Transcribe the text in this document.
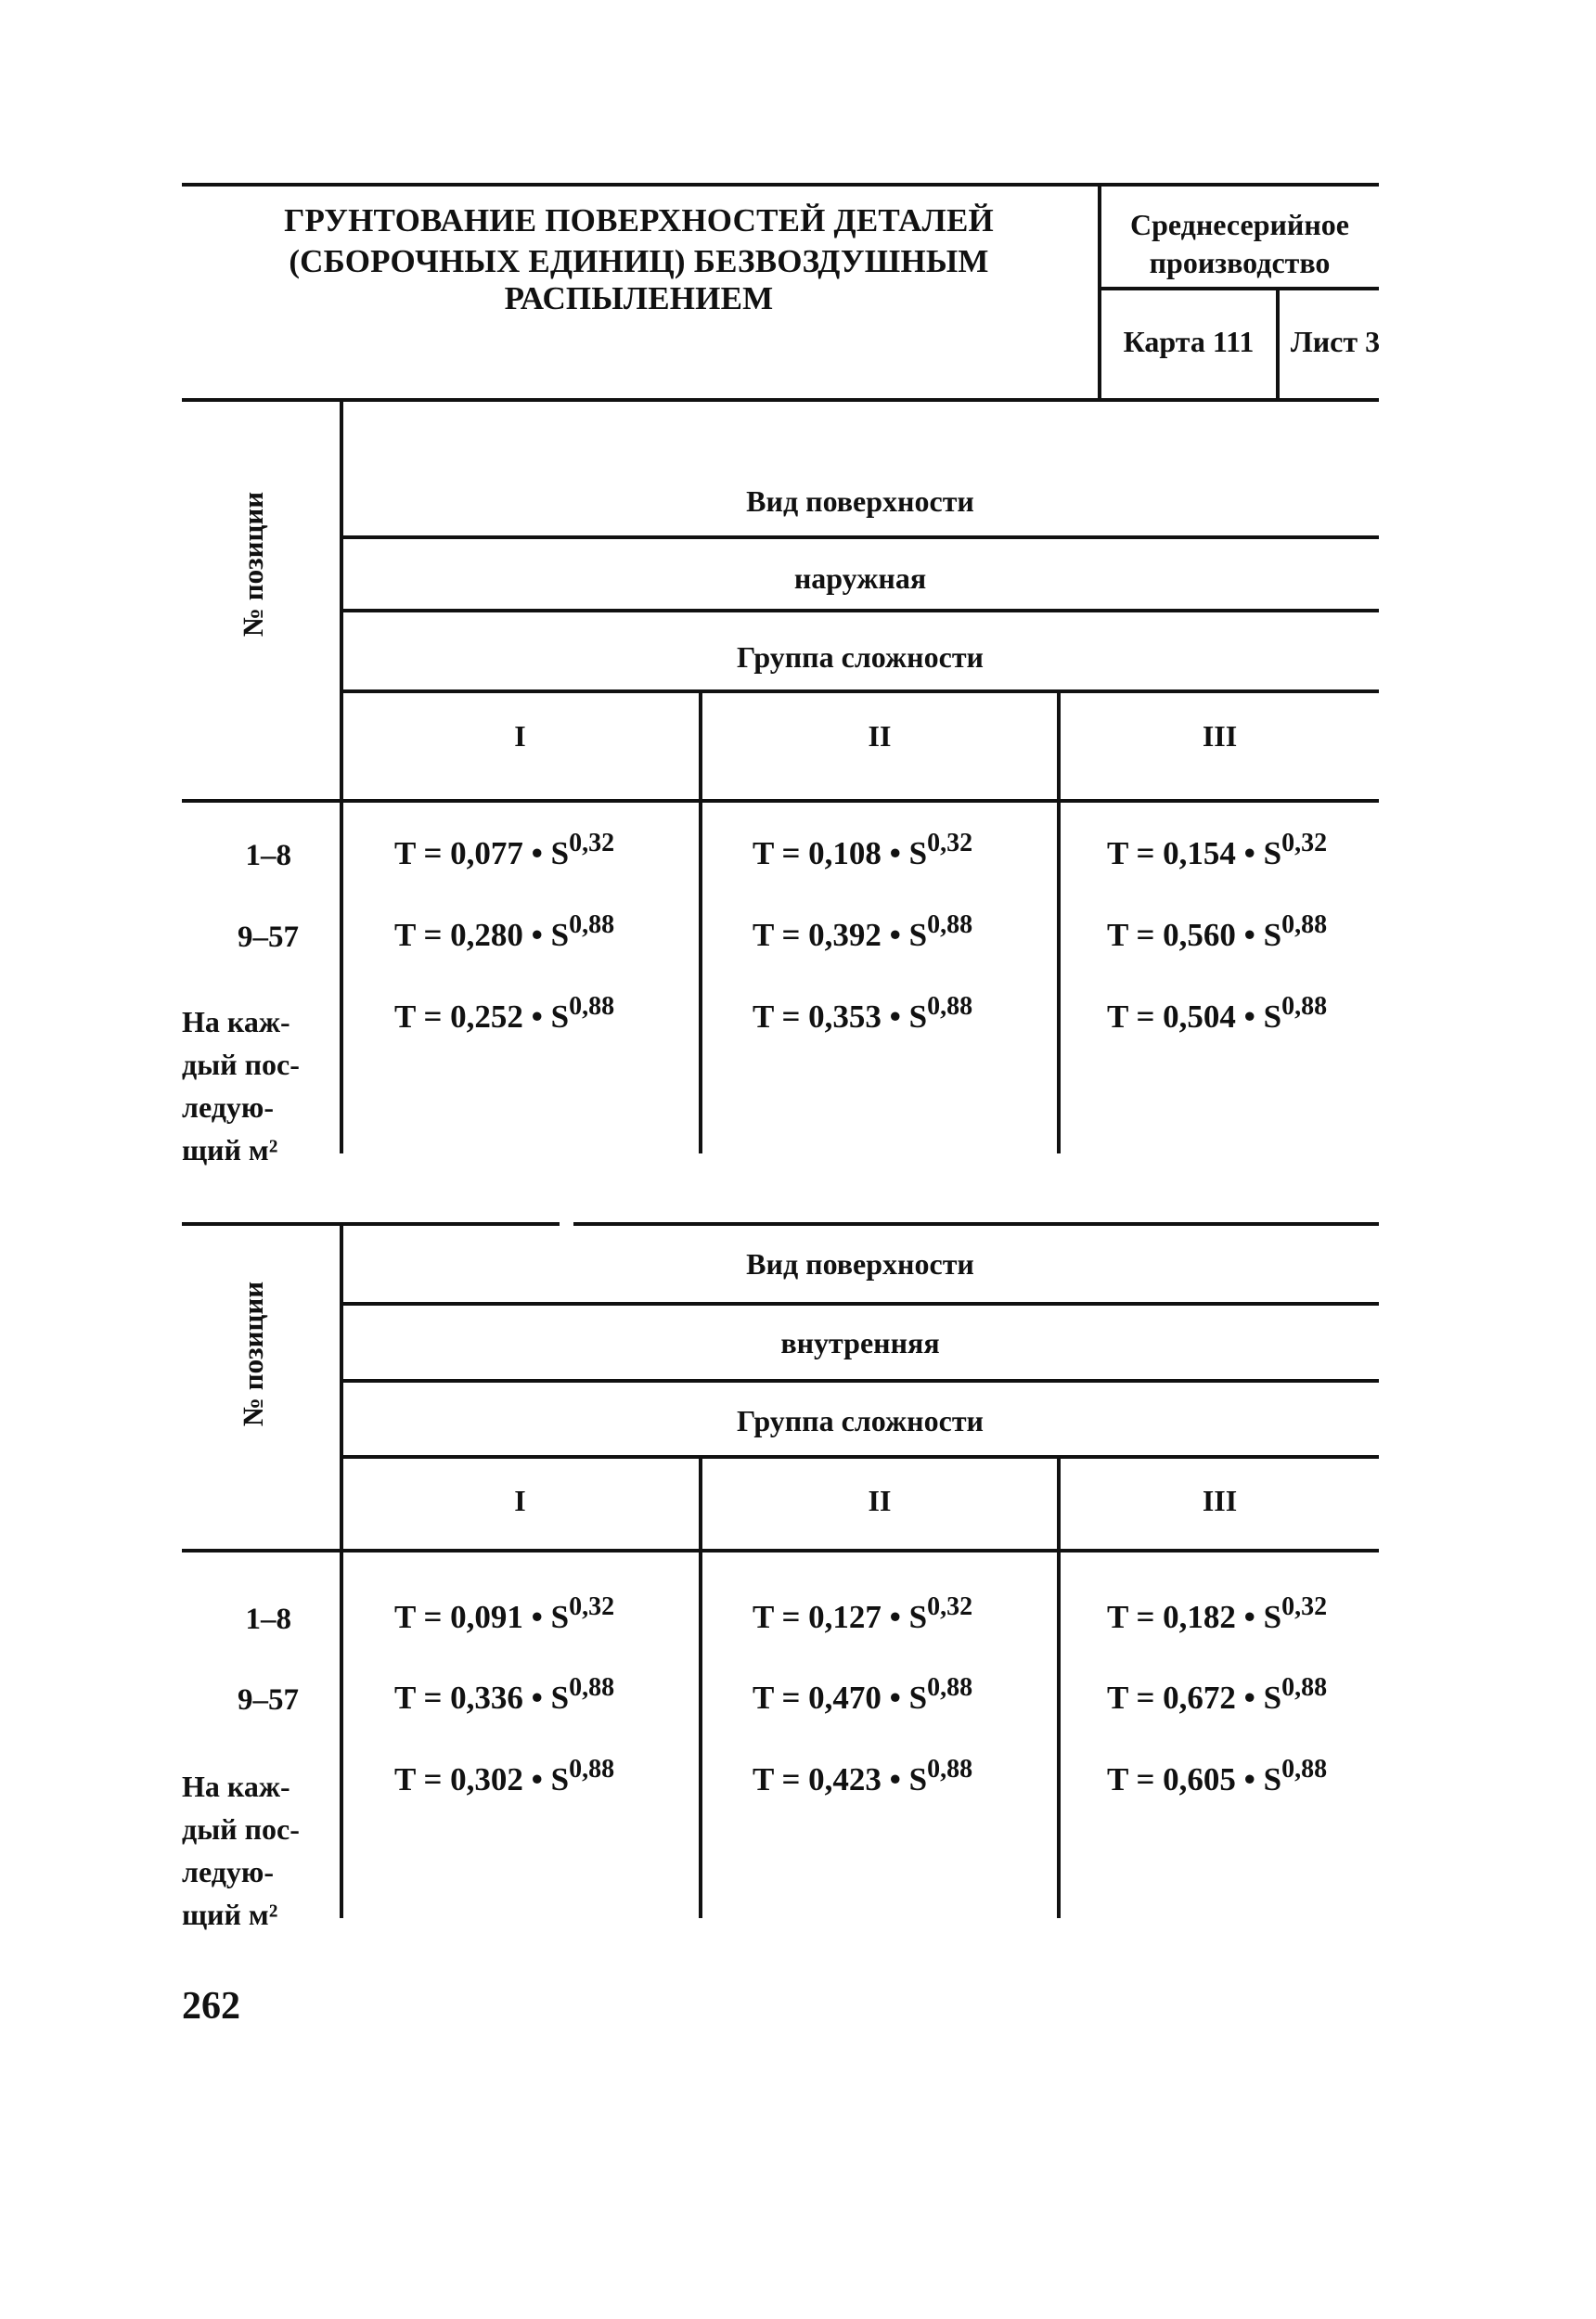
ГРУНТОВАНИЕ ПОВЕРХНОСТЕЙ ДЕТАЛЕЙ
(СБОРОЧНЫХ ЕДИНИЦ) БЕЗВОЗДУШНЫМ РАСПЫЛЕНИЕМ
Среднесерийное
производство
Карта 111	Лист 3
№ позиции	Вид поверхности
наружная
Группа сложности
I	II	III
1–8	T = 0,077 • S$^{0,32}$	T = 0,108 • S$^{0,32}$	T = 0,154 • S$^{0,32}$
9–57	T = 0,280 • S$^{0,88}$	T = 0,392 • S$^{0,88}$	T = 0,560 • S$^{0,88}$
На каж-
дый пос-
ледую-
щий м²
T = 0,252 • S$^{0,88}$	T = 0,353 • S$^{0,88}$	T = 0,504 • S$^{0,88}$
№ позиции
Вид поверхности
внутренняя
Группа сложности
I	II	III
1–8	T = 0,091 • S$^{0,32}$	T = 0,127 • S$^{0,32}$	T = 0,182 • S$^{0,32}$
9–57	T = 0,336 • S$^{0,88}$	T = 0,470 • S$^{0,88}$	T = 0,672 • S$^{0,88}$
На каж-
дый пос-
ледую-
щий м²
T = 0,302 • S$^{0,88}$	T = 0,423 • S$^{0,88}$	T = 0,605 • S$^{0,88}$
262
